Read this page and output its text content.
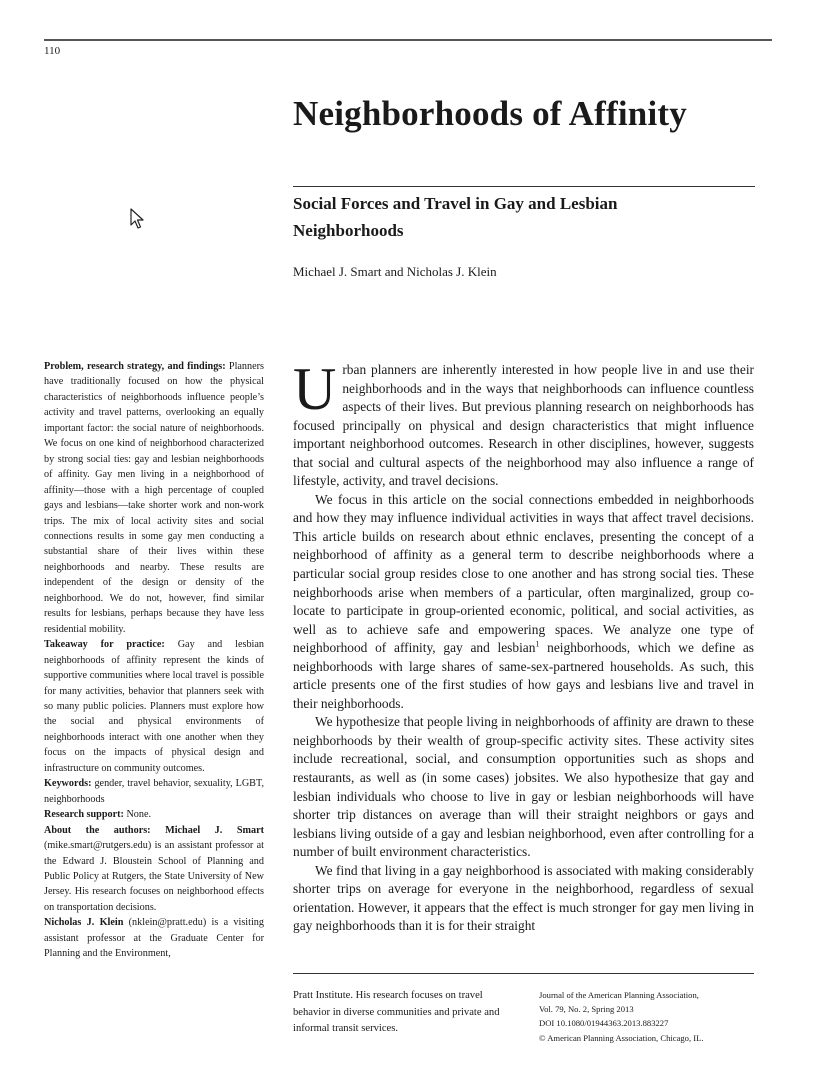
110
Neighborhoods of Affinity
Social Forces and Travel in Gay and Lesbian Neighborhoods
Michael J. Smart and Nicholas J. Klein

Problem, research strategy, and findings: Planners have traditionally focused on how the physical characteristics of neighborhoods influence people’s activity and travel patterns, overlooking an equally important factor: the social nature of neighborhoods. We focus on one kind of neighborhood characterized by strong social ties: gay and lesbian neighborhoods of affinity. Gay men living in a neighborhood of affinity—those with a high percentage of coupled gays and lesbians—take shorter work and non-work trips. The mix of local activity sites and social connections results in some gay men conducting a substantial share of their lives within these neighborhoods and nearby. These results are independent of the design or density of the neighborhood. We do not, however, find similar results for lesbians, perhaps because they have less residential mobility.

Takeaway for practice: Gay and lesbian neighborhoods of affinity represent the kinds of supportive communities where local travel is possible for many activities, behavior that planners seek with so many public policies. Planners must explore how the social and physical environments of neighborhoods interact with one another when they focus on the impacts of physical design and infrastructure on community outcomes.

Keywords: gender, travel behavior, sexuality, LGBT, neighborhoods

Research support: None.

About the authors: Michael J. Smart (mike.smart@rutgers.edu) is an assistant professor at the Edward J. Bloustein School of Planning and Public Policy at Rutgers, the State University of New Jersey. His research focuses on neighborhood effects on transportation decisions.

Nicholas J. Klein (nklein@pratt.edu) is a visiting assistant professor at the Graduate Center for Planning and the Environment,

Urban planners are inherently interested in how people live in and use their neighborhoods and in the ways that neighborhoods can influence countless aspects of their lives. But previous planning research on neighborhoods has focused principally on physical and design characteristics that might influence important neighborhood outcomes. Research in other disciplines, however, suggests that social and cultural aspects of the neighborhood may also influence a range of lifestyle, activity, and travel decisions.

We focus in this article on the social connections embedded in neighborhoods and how they may influence individual activities in ways that affect travel decisions. This article builds on research about ethnic enclaves, presenting the concept of a neighborhood of affinity as a general term to describe neighborhoods where a particular social group resides close to one another and has strong social ties. These neighborhoods arise when members of a particular, often marginalized, group co-locate to participate in group-oriented economic, political, and social activities, as well as to achieve safe and empowering spaces. We analyze one type of neighborhood of affinity, gay and lesbian$^1$ neighborhoods, which we define as neighborhoods with large shares of same-sex-partnered households. As such, this article presents one of the first studies of how gays and lesbians live and travel in their neighborhoods.

We hypothesize that people living in neighborhoods of affinity are drawn to these neighborhoods by their wealth of group-specific activity sites. These activity sites include recreational, social, and consumption opportunities such as shops and restaurants, as well as (in some cases) jobsites. We also hypothesize that gay and lesbian individuals who choose to live in gay or lesbian neighborhoods will have shorter trip distances on average than will their straight neighbors or gays and lesbians living outside of a gay and lesbian neighborhood, even after controlling for a number of built environment characteristics.

We find that living in a gay neighborhood is associated with making considerably shorter trips on average for everyone in the neighborhood, regardless of sexual orientation. However, it appears that the effect is much stronger for gay men living in gay neighborhoods than it is for their straight

Pratt Institute. His research focuses on travel behavior in diverse communities and private and informal transit services.
Journal of the American Planning Association,
Vol. 79, No. 2, Spring 2013
DOI 10.1080/01944363.2013.883227
© American Planning Association, Chicago, IL.
